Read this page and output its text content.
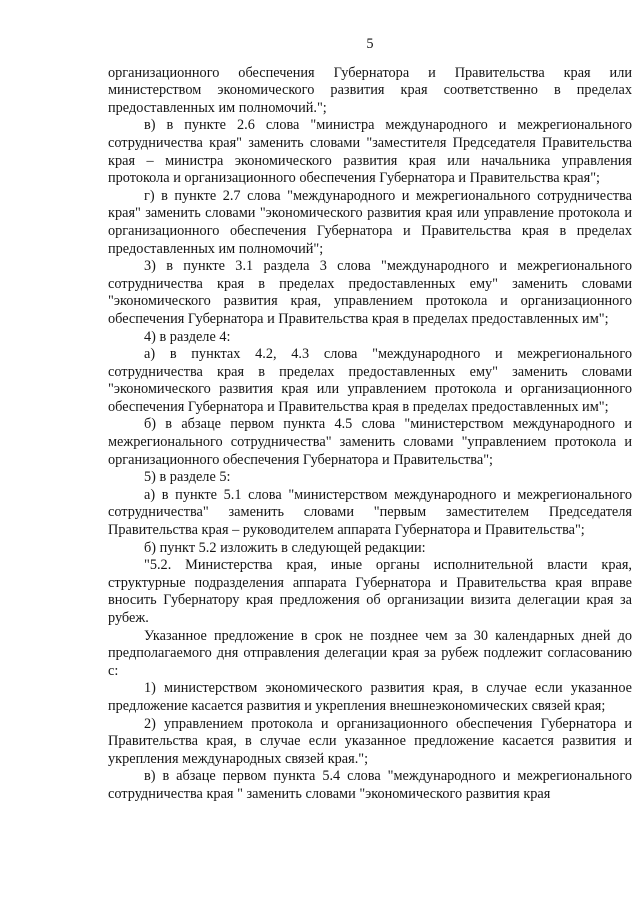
5

организационного обеспечения Губернатора и Правительства края или министерством экономического развития края соответственно в пределах предоставленных им полномочий.";

в) в пункте 2.6 слова "министра международного и межрегионального сотрудничества края" заменить словами "заместителя Председателя Правительства края – министра экономического развития края или начальника управления протокола и организационного обеспечения Губернатора и Правительства края";

г) в пункте 2.7 слова "международного и межрегионального сотрудничества края" заменить словами "экономического развития края или управление протокола и организационного обеспечения Губернатора и Правительства края в пределах предоставленных им полномочий";

3) в пункте 3.1 раздела 3 слова "международного и межрегионального сотрудничества края в пределах предоставленных ему" заменить словами "экономического развития края, управлением протокола и организационного обеспечения Губернатора и Правительства края в пределах предоставленных им";

4) в разделе 4:

а) в пунктах 4.2, 4.3 слова "международного и межрегионального сотрудничества края в пределах предоставленных ему" заменить словами "экономического развития края или управлением протокола и организационного обеспечения Губернатора и Правительства края в пределах предоставленных им";

б) в абзаце первом пункта 4.5 слова "министерством международного и межрегионального сотрудничества" заменить словами "управлением протокола и организационного обеспечения Губернатора и Правительства";

5) в разделе 5:

а) в пункте 5.1 слова "министерством международного и межрегионального сотрудничества" заменить словами "первым заместителем Председателя Правительства края – руководителем аппарата Губернатора и Правительства";

б) пункт 5.2 изложить в следующей редакции:

"5.2. Министерства края, иные органы исполнительной власти края, структурные подразделения аппарата Губернатора и Правительства края вправе вносить Губернатору края предложения об организации визита делегации края за рубеж.

Указанное предложение в срок не позднее чем за 30 календарных дней до предполагаемого дня отправления делегации края за рубеж подлежит согласованию с:

1) министерством экономического развития края, в случае если указанное предложение касается развития и укрепления внешнеэкономических связей края;

2) управлением протокола и организационного обеспечения Губернатора и Правительства края, в случае если указанное предложение касается развития и укрепления международных связей края.";

в) в абзаце первом пункта 5.4 слова "международного и межрегионального сотрудничества края " заменить словами "экономического развития края
